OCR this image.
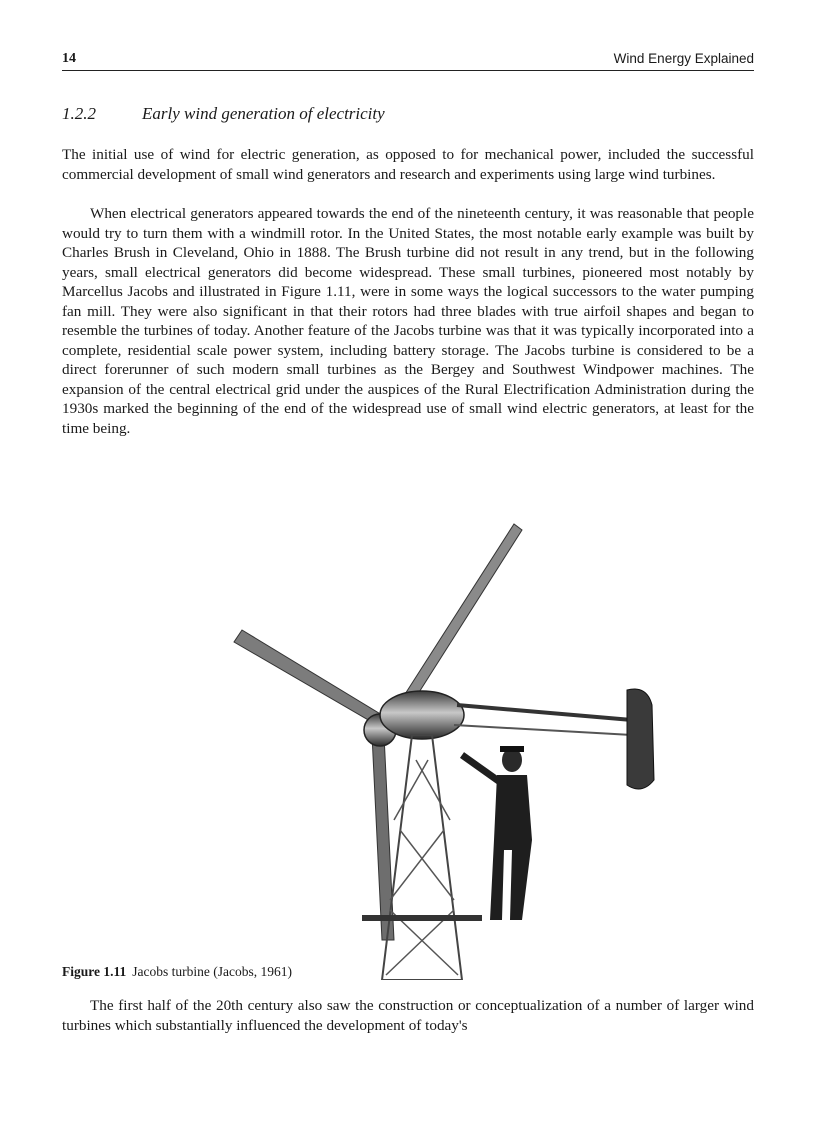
14	Wind Energy Explained
1.2.2	Early wind generation of electricity

The initial use of wind for electric generation, as opposed to for mechanical power, included the successful commercial development of small wind generators and research and experiments using large wind turbines.

When electrical generators appeared towards the end of the nineteenth century, it was reasonable that people would try to turn them with a windmill rotor. In the United States, the most notable early example was built by Charles Brush in Cleveland, Ohio in 1888. The Brush turbine did not result in any trend, but in the following years, small electrical generators did become widespread. These small turbines, pioneered most notably by Marcellus Jacobs and illustrated in Figure 1.11, were in some ways the logical successors to the water pumping fan mill. They were also significant in that their rotors had three blades with true airfoil shapes and began to resemble the turbines of today. Another feature of the Jacobs turbine was that it was typically incorporated into a complete, residential scale power system, including battery storage. The Jacobs turbine is considered to be a direct forerunner of such modern small turbines as the Bergey and Southwest Windpower machines. The expansion of the central electrical grid under the auspices of the Rural Electrification Administration during the 1930s marked the beginning of the end of the widespread use of small wind electric generators, at least for the time being.

Figure 1.11 Jacobs turbine (Jacobs, 1961)

The first half of the 20th century also saw the construction or conceptualization of a number of larger wind turbines which substantially influenced the development of today's
